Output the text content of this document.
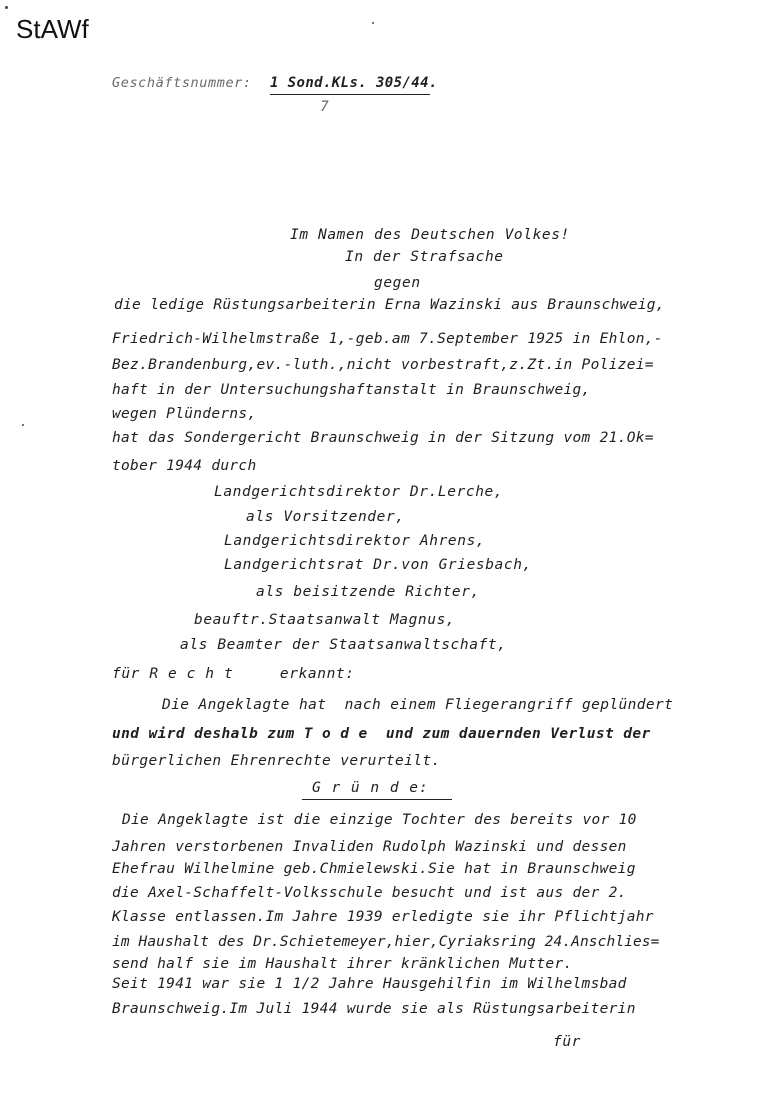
StAWf
Geschäftsnummer: 1 Sond.KLs. 305/44.
7
Im Namen des Deutschen Volkes!
In der Strafsache
gegen
die ledige Rüstungsarbeiterin Erna Wazinski aus Braunschweig,
Friedrich-Wilhelmstraße 1,-geb.am 7.September 1925 in Ehlon,-
Bez.Brandenburg,ev.-luth.,nicht vorbestraft,z.Zt.in Polizei=
haft in der Untersuchungshaftanstalt in Braunschweig,
wegen Plünderns,
hat das Sondergericht Braunschweig in der Sitzung vom 21.Ok=
tober 1944 durch
Landgerichtsdirektor Dr.Lerche,
als Vorsitzender,
Landgerichtsdirektor Ahrens,
Landgerichtsrat Dr.von Griesbach,
als beisitzende Richter,
beauftr.Staatsanwalt Magnus,
als Beamter der Staatsanwaltschaft,
für R e c h t     erkannt:
Die Angeklagte hat  nach einem Fliegerangriff geplündert
und wird deshalb zum T o d e  und zum dauernden Verlust der
bürgerlichen Ehrenrechte verurteilt.
G r ü n d e:
Die Angeklagte ist die einzige Tochter des bereits vor 10
Jahren verstorbenen Invaliden Rudolph Wazinski und dessen
Ehefrau Wilhelmine geb.Chmielewski.Sie hat in Braunschweig
die Axel-Schaffelt-Volksschule besucht und ist aus der 2.
Klasse entlassen.Im Jahre 1939 erledigte sie ihr Pflichtjahr
im Haushalt des Dr.Schietemeyer,hier,Cyriaksring 24.Anschlies=
send half sie im Haushalt ihrer kränklichen Mutter.
Seit 1941 war sie 1 1/2 Jahre Hausgehilfin im Wilhelmsbad
Braunschweig.Im Juli 1944 wurde sie als Rüstungsarbeiterin
für
